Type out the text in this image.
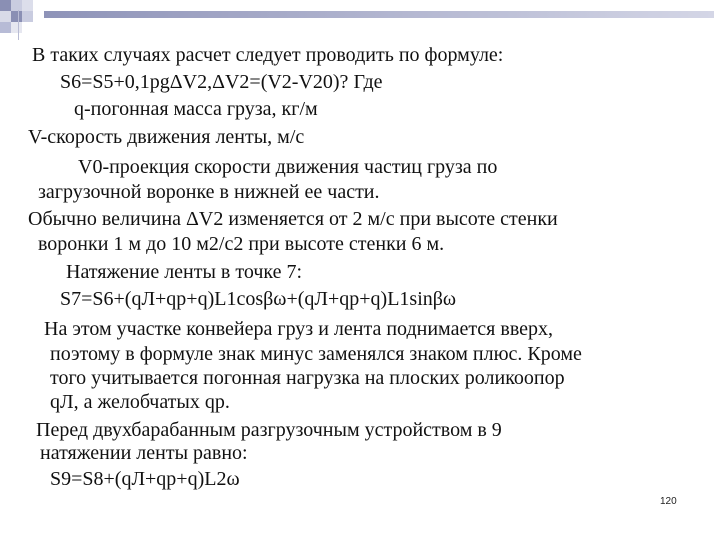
В таких случаях расчет следует проводить по формуле:
S6=S5+0,1pgΔV2,ΔV2=(V2-V20)? Где
q-погонная масса груза, кг/м
V-скорость движения ленты, м/с
V0-проекция скорости движения частиц груза по
загрузочной воронке в нижней ее части.
Обычно величина ΔV2 изменяется от 2 м/с при высоте стенки
воронки 1 м до 10 м2/с2 при высоте стенки 6 м.
Натяжение ленты в точке 7:
S7=S6+(qЛ+qp+q)L1cosβω+(qЛ+qp+q)L1sinβω
На этом участке конвейера груз и лента поднимается вверх,
поэтому в формуле знак минус заменялся знаком плюс. Кроме
того учитывается погонная нагрузка на плоских роликоопор
qЛ, а желобчатых qp.
Перед двухбарабанным разгрузочным устройством в 9
натяжении ленты равно:
S9=S8+(qЛ+qp+q)L2ω
120
